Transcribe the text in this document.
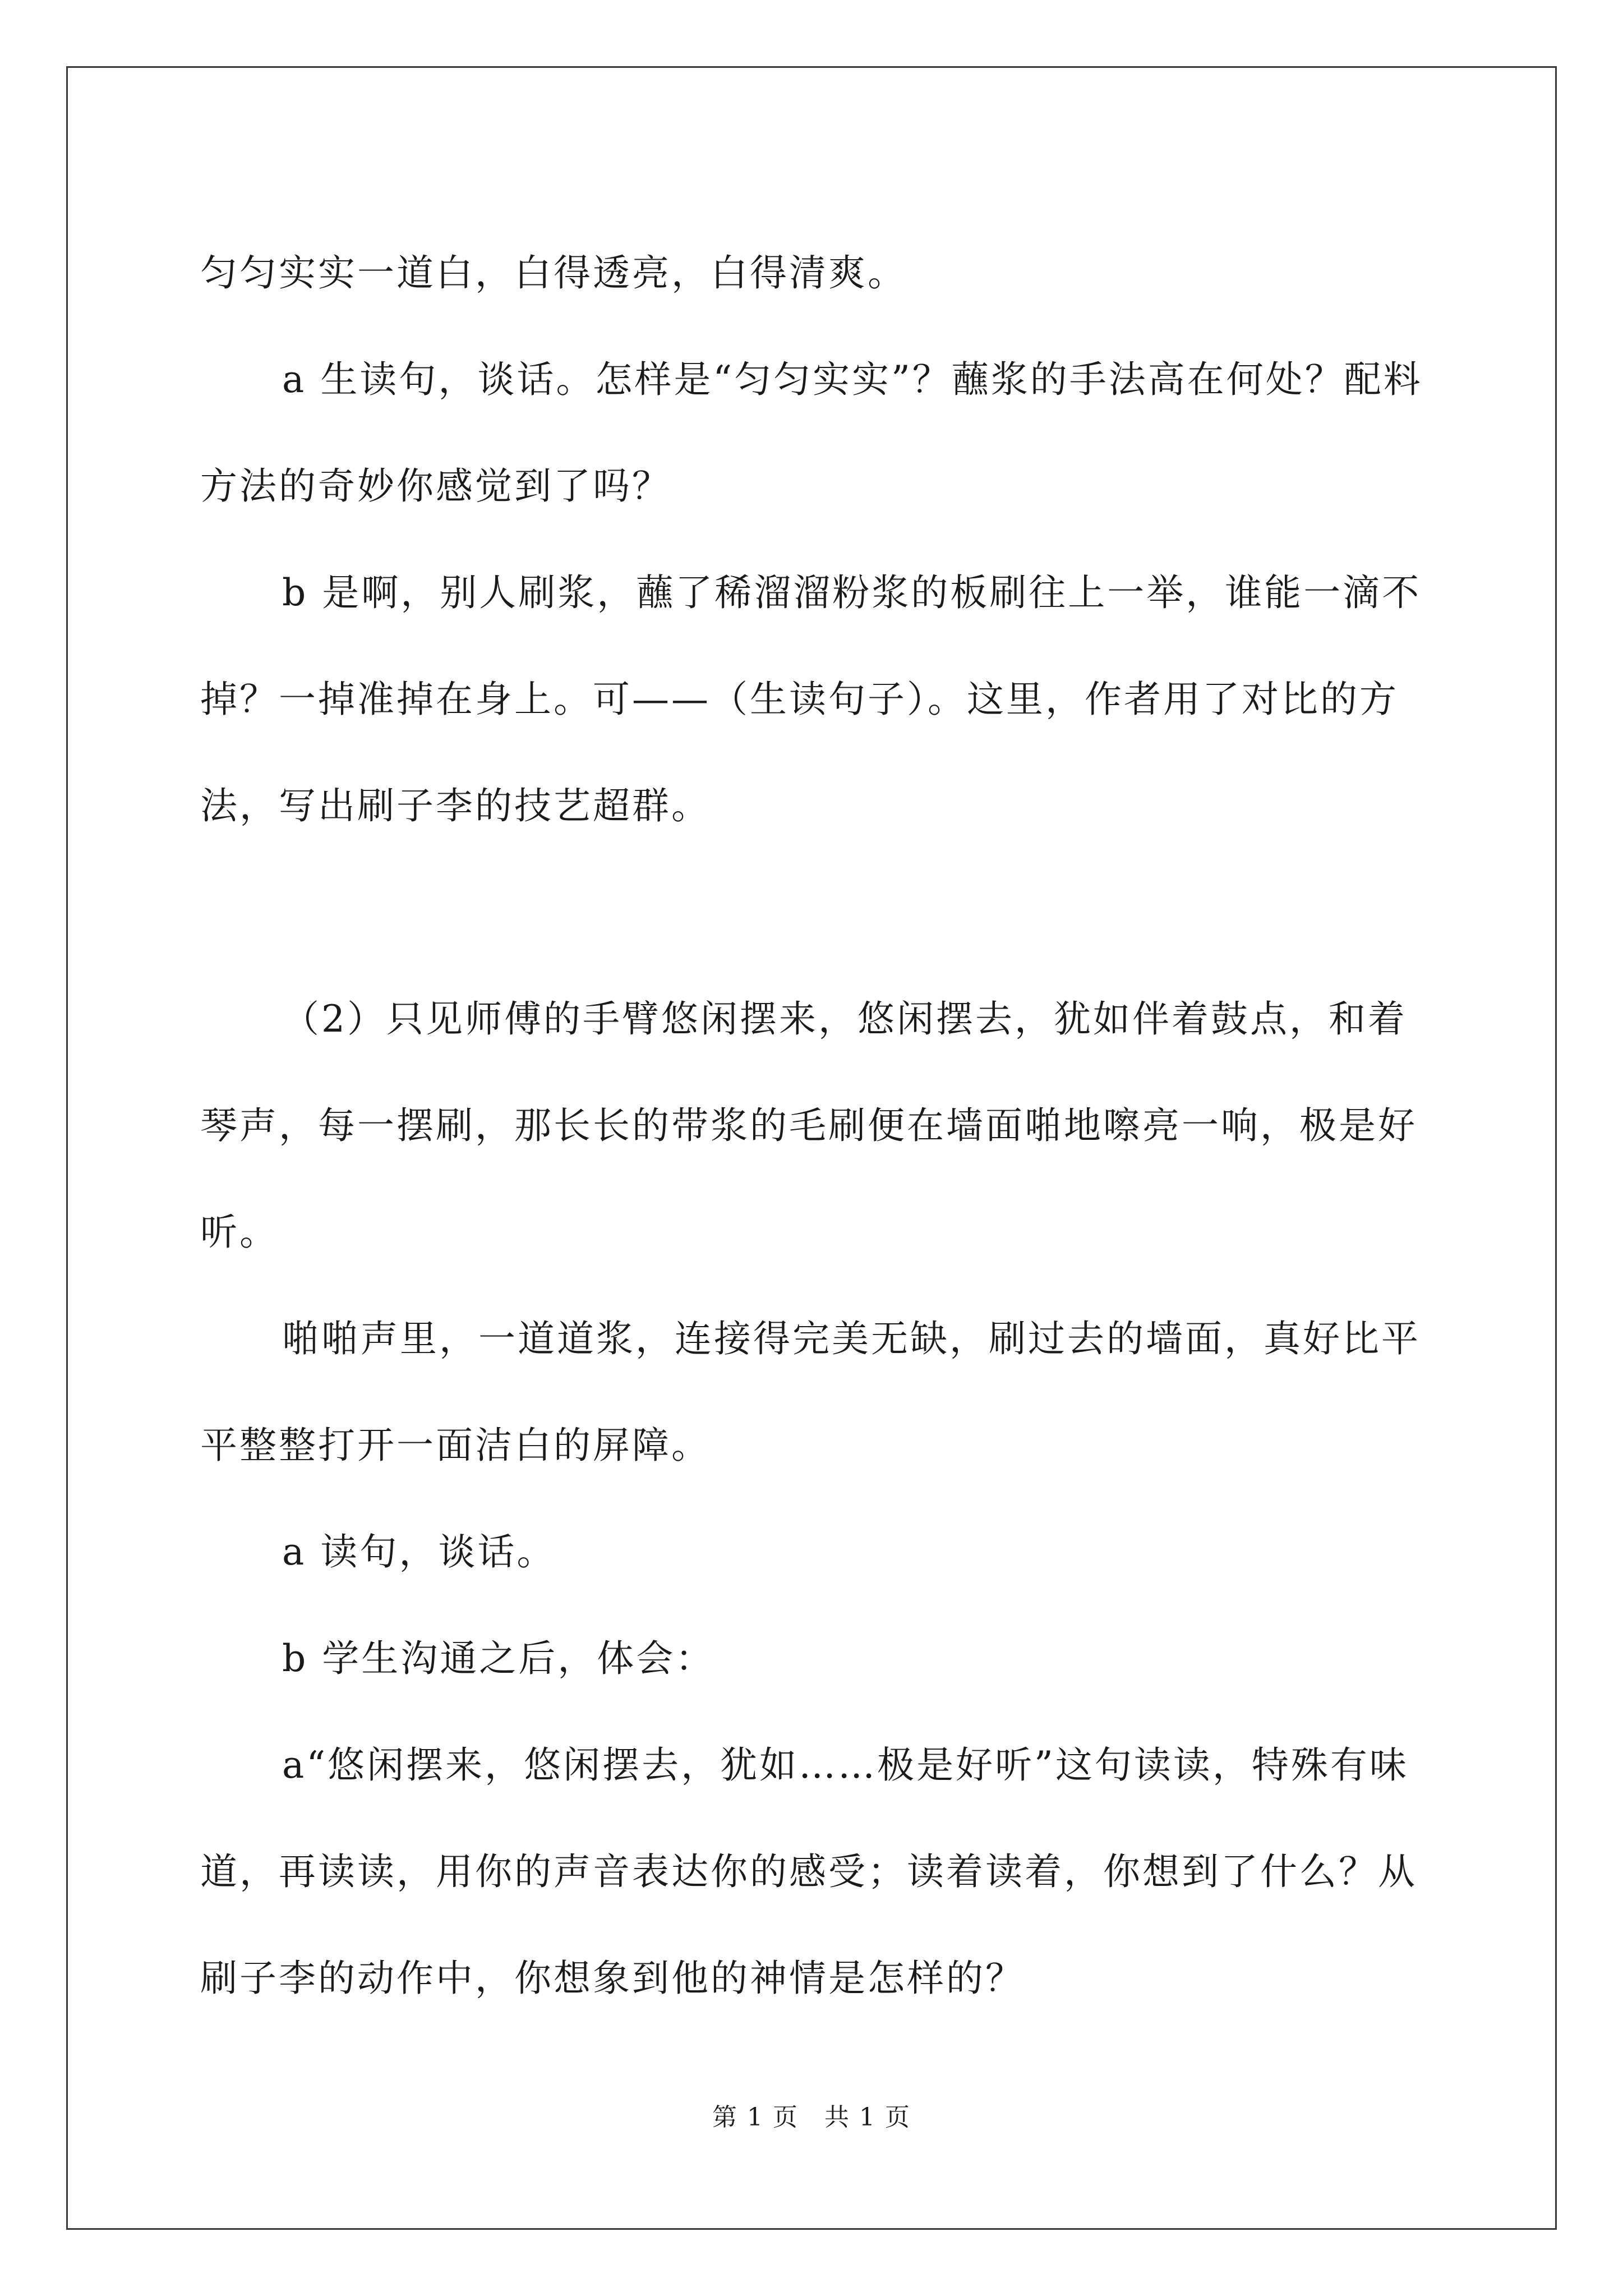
匀匀实实一道白，白得透亮，白得清爽。

a 生读句，谈话。怎样是“匀匀实实”？蘸浆的手法高在何处？配料方法的奇妙你感觉到了吗？

b 是啊，别人刷浆，蘸了稀溜溜粉浆的板刷往上一举，谁能一滴不掉？一掉准掉在身上。可——（生读句子）。这里，作者用了对比的方法，写出刷子李的技艺超群。

（2）只见师傅的手臂悠闲摆来，悠闲摆去，犹如伴着鼓点，和着琴声，每一摆刷，那长长的带浆的毛刷便在墙面啪地嚓亮一响，极是好听。

啪啪声里，一道道浆，连接得完美无缺，刷过去的墙面，真好比平平整整打开一面洁白的屏障。

a 读句，谈话。

b 学生沟通之后，体会：

a“悠闲摆来，悠闲摆去，犹如……极是好听”这句读读，特殊有味道，再读读，用你的声音表达你的感受；读着读着，你想到了什么？从刷子李的动作中，你想象到他的神情是怎样的？

第 1 页　共 1 页
